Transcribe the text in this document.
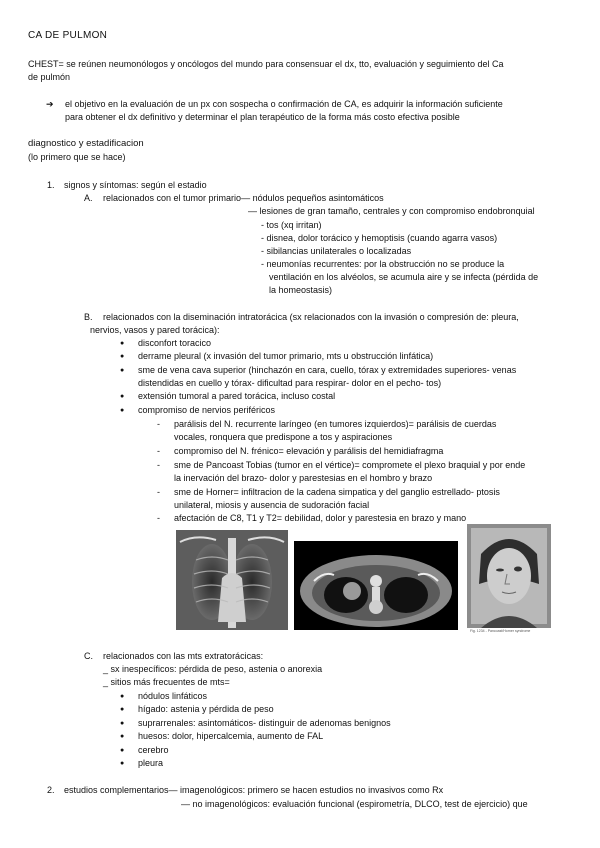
CA DE PULMON
CHEST= se reúnen neumonólogos y oncólogos del mundo para consensuar el dx, tto, evaluación y seguimiento del Ca
de pulmón
➔ el objetivo en la evaluación de un px con sospecha o confirmación de CA, es adquirir la información suficiente
para obtener el dx definitivo y determinar el plan terapéutico de la forma más costo efectiva posible
diagnostico y estadificacion
(lo primero que se hace)
1. signos y síntomas: según el estadio
A. relacionados con el tumor primario— nódulos pequeños asintomáticos
— lesiones de gran tamaño, centrales y con compromiso endobronquial
- tos (xq irritan)
- disnea, dolor torácico y hemoptisis (cuando agarra vasos)
- sibilancias unilaterales o localizadas
- neumonías recurrentes: por la obstrucción no se produce la
ventilación en los alvéolos, se acumula aire y se infecta (pérdida de
la homeostasis)
B. relacionados con la diseminación intratorácica (sx relacionados con la invasión o compresión de: pleura,
nervios, vasos y pared torácica):
● disconfort toracico
● derrame pleural (x invasión del tumor primario, mts u obstrucción linfática)
● sme de vena cava superior (hinchazón en cara, cuello, tórax y extremidades superiores- venas
distendidas en cuello y tórax- dificultad para respirar- dolor en el pecho- tos)
● extensión tumoral a pared torácica, incluso costal
● compromiso de nervios periféricos
- parálisis del N. recurrente laríngeo (en tumores izquierdos)= parálisis de cuerdas
vocales, ronquera que predispone a tos y aspiraciones
- compromiso del N. frénico= elevación y parálisis del hemidiafragma
- sme de Pancoast Tobias (tumor en el vértice)= compromete el plexo braquial y por ende
la inervación del brazo- dolor y parestesias en el hombro y brazo
- sme de Horner= infiltracion de la cadena simpatica y del ganglio estrellado- ptosis
unilateral, miosis y ausencia de sudoración facial
- afectación de C8, T1 y T2= debilidad, dolor y parestesia en brazo y mano
Fig. 1234 - Pancoast/Horner syndrome
C. relacionados con las mts extratorácicas:
_ sx inespecíficos: pérdida de peso, astenia o anorexia
_ sitios más frecuentes de mts=
● nódulos linfáticos
● hígado: astenia y pérdida de peso
● suprarrenales: asintomáticos- distinguir de adenomas benignos
● huesos: dolor, hipercalcemia, aumento de FAL
● cerebro
● pleura
2. estudios complementarios— imagenológicos: primero se hacen estudios no invasivos como Rx
— no imagenológicos: evaluación funcional (espirometría, DLCO, test de ejercicio) que
